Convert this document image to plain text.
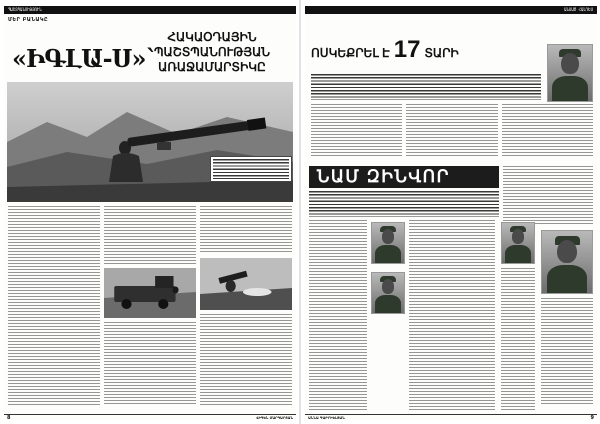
ՊԱՇՏՊԱՆՈՒԹՅՈՒՆ
ՄԵՐ ԲԱՆԱԿԸ
«ԻԳԼԱ-Ս»`
ՀԱԿԱՕԴԱՅԻՆ
ՊԱՇՏՊԱՆՈՒԹՅԱՆ
ԱՌԱՋԱՄԱՐՏԻԿԸ
8	ՎԻԳԵՆ ՄԱՐԳԱՐՅԱՆ
ԱՆՍԱԾ ՀԱՆԴԵՍ
ՈՍԿԵՔՐԵԼ Է 17 ՏԱՐԻ
ՆԱՄ ԶԻՆՎՈՐ
ԱՆՆԱ ԳԱԲՐԻԵԼՅԱՆ	9
